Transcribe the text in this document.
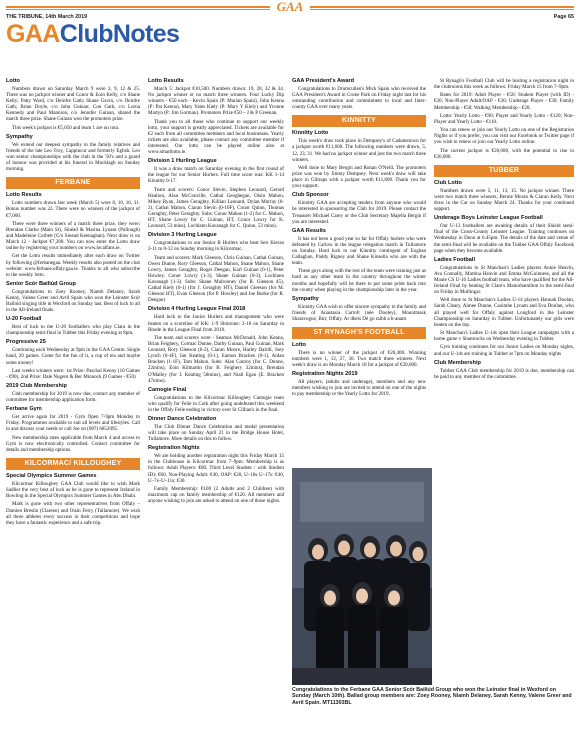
GAA
THE TRIBUNE, 14th March 2019	Page 65
GAAClubNotes
Lotto

Numbers drawn on Saturday March 9 were 3, 9, 12 & 25. There was no jackpot winner and Conor & Eoin Kelly, c/o Shane Kelly; Patty Ward, c/o Deirdre Gath; Shane Gavin, c/o Deirdre Gath; Brian Doyle, c/o John Guinan; Con Gath, c/o Lorna Kennedy and Paul Mannion, c/o Jennifer Guinan, shared the match three prize. Shane Guinan won the promoters prize.

This week's jackpot is €5,050 and team 1 are on rota.

Sympathy

We extend our deepest sympathy to the family relatives and friends of the late Leo Troy, Cappincur and formerly Eglish. Leo won senior championships with the club in the '50's and a guard of honour was provided at his funeral in Mucklagh on Sunday morning.

FERBANE
Lotto Results

Lotto numbers drawn last week (March 5) were 8, 10, 16, 31. Bonus number was 22. There were no winners of the jackpot of €7,000.

There were three winners of a match three prize, they were; Brendan Clarke (Main St), Sinéad & Marina Lynam (Pullough) and Madeleine Corbett (C/o Sinead Keenaghan). Next draw is on March 12 - Jackpot €7,200. You can now enter the Lotto draw online by registering your numbers on www.localfans.ie.

Get the Lotto results immediately after each draw on Twitter by following @ferbanegaa. Weekly results also posted on the club website: www.ferbane.offaly.gaa.ie. Thanks to all who subscribe to the weekly lotto.

Senior Scór Bailiúd Group

Congratulations to Zoey Rooney, Niamh Delaney, Sarah Kenny, Valene Greer and Avril Spain who won the Leinster Scór Bailiúd singing title in Wexford on Sunday last. Best of luck to all in the All-Ireland finals.

U-20 Football

Best of luck to the U-20 footballers who play Clara in the championship semi-final in Tubber this Friday evening at 8pm.

Progressive 25

Continuing each Wednesday at 9pm in the GAA Centre. Single hand, 20 games. Come for the fun of it, a cup of tea and maybe some money!

Last weeks winners were: 1st Prize: Paschal Kenny (10 Games - €90), 2nd Prize: Dale Nugent & Ber Minnock (9 Games - €50)

2019 Club Membership

Club membership for 2019 is now due, contact any member of committee for membership application form.

Ferbane Gym

Get active again for 2019 - Gym Open 7-9pm Monday to Friday. Programmes available to suit all levels and lifestyles. Call in and discuss your needs or call Joe on (087) 6852095.

New membership rates applicable from March 4 and access to Gym is now electronically controlled. Contact committee for details and membership options.

KILCORMAC/ KILLOUGHEY
Special Olympics Summer Games

Kilcormac Killoughey GAA Club would like to wish Mark Sadlier the very best of luck as he is gone to represent Ireland in Bowling in the Special Olympics Summer Games in Abu Dhabi.

Mark is gone with two other representatives from Offaly – Damien Breslin (Clareen) and Oisin Ferry (Tullamore). We wish all three athletes every success in their competitions and hope they have a fantastic experience and a safe trip.

Lotto Results

March 5: Jackpot €10,500. Numbers drawn: 19, 28, 32 & 34. No jackpot winner or no match three winners. Four Lucky Dip winners - €50 each - Kevin Spain (P: Marian Spain), John Kenna (P: Pat Kenna), Mary Yates Kiely (P: Mary Y Kiely) and Yvonne Martyn (P: Jim Gorman). Promoters Prize €50 – J & P Greenan.

Thank you to all those who continue to support our weekly lotto, your support is greatly appreciated. Tickets are available for €2 each from all committee members and local businesses. Yearly tickets are also available, please contact any committee member if interested. Our lotto can be played online also at www.smartlotto.ie.

Division 1 Hurling League

It was a draw match on Saturday evening in the first round of the league for our Senior Hurlers. Full time score was: KK 1-14 Kinnitty 0-17.

Team and scorers: Conor Slevin, Stephen Leonard, Gerard Healion, Alan McConville, Cathal Geoghegan, Oisin Mahon, Mikey Ryan, James Geraghty, Killian Leonard, Dylan Murray (0-2), Cathal Mahon, Ciaran Slevin (0-10F), Conor Quinn, Thomas Geraghty, Peter Geraghty. Subs: Conor Mahon (1-2) for C. Mahon, HT, Shane Lowry for C. Guinan, HT, Conor Lowry for K. Leonard, 53 mins), Lochlann Kavanagh for C. Quinn, 53 mins).

Division 3 Hurling League

Congratulations to our Senior B Hurlers who beat Seir Kieran 2-11 to 0-12 on Sunday morning in Kilcormac.

Team and scorers: Mark Gleeson, Chris Guinan, Cathal Guinan, Owen Dunne, Rory Gleeson, Cathal Mahon, Shane Mahon, Shane Lowry, James Geraghty, Roger Deegan, Karl Guinan (0-1), Peter Howley, Conor Lowry (1-3), Shane Guinan (0-3), Lochlann Kavanagh (1-3). Subs: Shane Mulrooney (for R. Gleeson 45), Cathal Kiely (0-1) (for J. Geraghty HT), Daniel Gleeson (for M. Gleeson HT), Evan Gleeson (for P. Howley) and Joe Burke (for R. Deegan)

Division 4 Hurling League Final 2018

Hard luck to the Junior Hurlers and management who were beaten on a scoreline of KK: 1-9 Shinrone: 3-18 on Saturday in Rhode in the League Final from 2018.

The team and scorers were - Seamus McDonald, John Kenna, Brian Feighery, Cormac Dunne, Darby Guinan, Paul Guinan, Mark Leonard, Rory Gleeson (0-2), Ciaran Moore, Harley Dalrill, Joey Lynch (0-4F), Ian Keating (0-1), Eamon Bracken (0-1), Aidan Bracken (1-1F), Tom Mahon. Subs: Alan Conroy (for C. Dunne, 22mins), Eoin Kilmartin (for B. Feighery 32mins), Brendan O'Malley (for I. Keating 58mins), and Niall Egan (E. Bracken 47mins).

Camogie Final

Congratulations to the Kilcormac Killoughey Camogie team who qualify for Feile in Cork after going undefeated this weekend in the Offaly Feile ending in victory over St Cillian's in the final.

Dinner Dance Celebration

The Club Dinner Dance Celebration and medal presentation will take place on Sunday April 21 in the Bridge House Hotel, Tullamore. More details on this to follow.

Registration Nights

We are holding another registration night this Friday March 15 in the Clubhouse in Kilcormac from 7–9pm. Membership is as follows: Adult Players: €80, Third Level Student / with Student ID): €60, Non-Playing Adult: €40, OAP: €20, U–18s U–17s: €40, U–7s–U–11s: €30.

Family Membership: €100 (2 Adults and 2 Children) with maximum cap on family membership of €120. All members and anyone wishing to join are asked to attend on one of those nights.

GAA President's Award

Congratulations to Drumcullen's Mick Spain who received the GAA President's Award in Croke Park on Friday night last for his outstanding contribution and commitment to local and Inter-county GAA over many years.

KINNITTY
Kinnitty Lotto

This week's draw took place in Dempsey's of Cadamstown for a jackpot worth €11,600. The following numbers were drawn, 5, 12, 23, 31. We had no jackpot winner and just the two match three winners.

Well done to Mary Bergin and Ronan O'Neill. The promoters prize was won by Jimmy Dempsey. Next week's draw will take place in Giltraps with a jackpot worth €11,800. Thank you for your support.

Club Sponsor

Kinnitty GAA are accepting tenders from anyone who would be interested in sponsoring the Club for 2019. Please contact the Treasurer Michael Carey or the Club Secretary Majella Bergin if you are interested.

GAA Results

It has not been a good year so far for Offaly hurlers who were defeated by Carlow in the league relegation match in Tullamore on Sunday. Hard luck to our Kinnitty contingent of Eoghan Callaghan, Paddy Rigney and Shane Kinsella who are with the team.

These guys along with the rest of the team were training just as hard as any other team in the country throughout the winter months and hopefully will be there to put some pride back into the county when playing in the championship later in the year.

Sympathy

Kinnitty GAA wish to offer sincere sympathy to the family and friends of Anastasia Carroll (née Dooley), Mountmask Sharavogue, Birr, Offaly. Ar dheis Dé go raibh a h-anam

ST RYNAGH'S FOOTBALL
Lotto

There is no winner of the jackpot of €20,400. Winning numbers were 1, 12, 27, 30. Two match three winners. Next week's draw is on Monday March 18 for a jackpot of €20,600.

Registration Nights 2019

All players, (adults and underage), members and any new members wishing to join are invited to attend on one of the nights to pay membership or the Yearly Lotto for 2019.

St Rynagh's Football Club will be hosting a registration night in the clubrooms this week as follows: Friday March 15 from 7–9pm.

Rates for 2019: Adult Player - €50; Student Player (with ID) - €30; Non-Player Adult/OAP - €30; Underage Player - €30; Family Membership - €50; Walking Membership - €20.

Lotto: Yearly Lotto - €90; Player and Yearly Lotto - €120; Non-Player and Yearly Lotto - €110.

You can renew or join our Yearly Lotto on one of the Registration Nights or if you prefer, you can visit our Facebook or Twitter page if you wish to renew or join our Yearly Lotto online.

The current jackpot is €20,600, with the potential to rise to €30,000.

TUBBER
Club Lotto

Numbers drawn were 5, 11, 13, 15. No jackpot winner. There were two match three winners; Bernie Moran & Ciaran Kelly. Next draw in the Car on Sunday March 24. Thanks for your continued support.

Underage Boys Leinster League Football

Our U-13 footballers are awaiting details of their Shield semi-final of the Cross-County Leinster League. Training continues on Wednesday in Doon at 6.45pm. The details of the date and venue of the semi-final will be available on the Tubber GAA Offaly Facebook page when they become available.

Ladies Football

Congratulations to St Manchan's Ladies players Annie Heavin, Ava Connally, Martina Heavin and Emma McGuinness, and all the Moate CS U-16 Ladies football team, who have qualified for the All-Ireland Final by beating St Clare's Manorhamilton in the semi-final on Friday in Mullingar.

Well done to St Manchan's Ladies U-14 players Hannah Doolan, Sarah Cleary, Aimee Dunne, Caoimhe Lynam and Eva Doolan, who all played well for Offaly against Longford in the Leinster Championship on Saturday in Tubber. Unfortunately our girls were beaten on the day.

St Manchan's Ladies U-14s open their League campaigns with a home game v Shamrocks on Wednesday evening in Tubber.

Gym training continues for our Junior Ladies on Monday nights, and our U-14s are training in Tubber at 7pm on Monday nights

Club Membership

Tubber GAA Club membership for 2019 is due, membership can be paid to any member of the committee.

Congratulations to the Ferbane GAA Senior Scór Bailiúd Group who won the Leinster final in Wexford on Sunday (March 10th). Ballad group members are: Zoey Rooney, Niamh Delaney, Sarah Kenny, Valene Greer and Avril Spain. MT11303BL
